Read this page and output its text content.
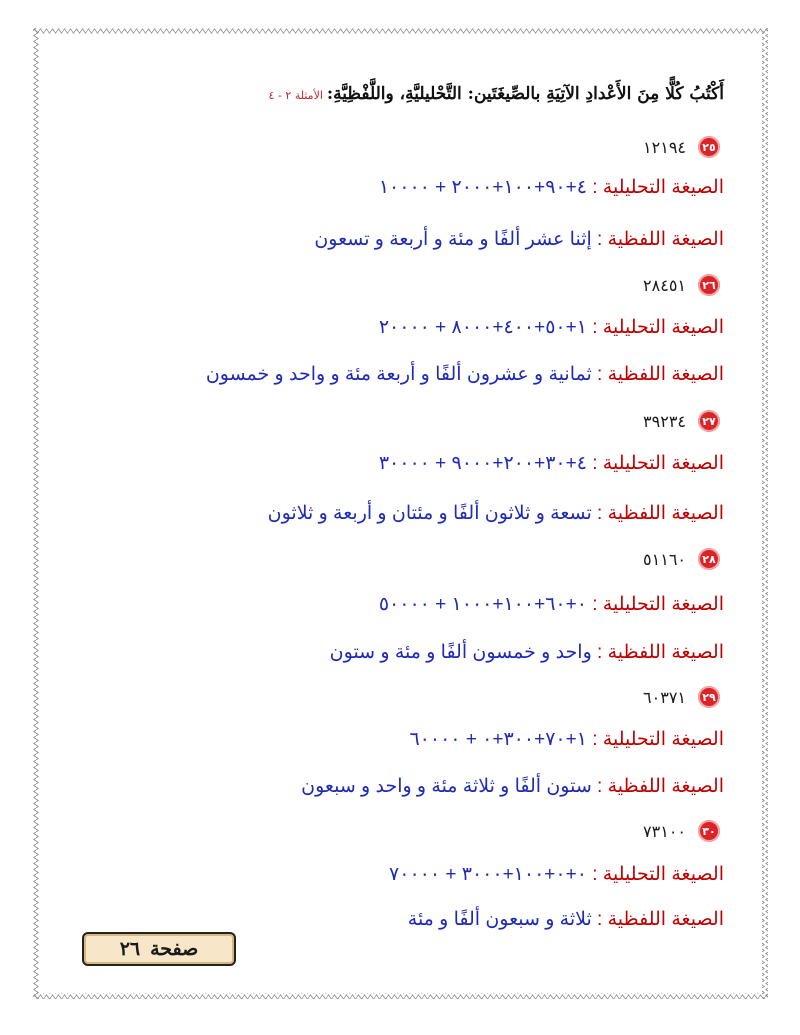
أَكْتُبُ كُلًّا مِنَ الأَعْدادِ الآتِيَةِ بالصِّيغَتَين: التَّحْليليَّةِ، واللَّفْظِيَّةِ:الأمثلة ٢ - ٤
٢٥
١٢١٩٤
الصيغة التحليلية : ٤+٩٠+١٠٠+٢٠٠٠ + ١٠٠٠٠
الصيغة اللفظية : إثنا عشر ألفًا و مئة و أربعة و تسعون
٢٦
٢٨٤٥١
الصيغة التحليلية : ١+٥٠+٤٠٠+٨٠٠٠ + ٢٠٠٠٠
الصيغة اللفظية : ثمانية و عشرون ألفًا و أربعة مئة و واحد و خمسون
٢٧
٣٩٢٣٤
الصيغة التحليلية : ٤+٣٠+٢٠٠+٩٠٠٠ + ٣٠٠٠٠
الصيغة اللفظية : تسعة و ثلاثون ألفًا و مئتان و أربعة و ثلاثون
٢٨
٥١١٦٠
الصيغة التحليلية : ٠+٦٠+١٠٠+١٠٠٠ + ٥٠٠٠٠
الصيغة اللفظية : واحد و خمسون ألفًا و مئة و ستون
٢٩
٦٠٣٧١
الصيغة التحليلية : ١+٧٠+٣٠٠+٠ + ٦٠٠٠٠
الصيغة اللفظية : ستون ألفًا و ثلاثة مئة و واحد و سبعون
٣٠
٧٣١٠٠
الصيغة التحليلية : ٠+٠+١٠٠+٣٠٠٠ + ٧٠٠٠٠
الصيغة اللفظية : ثلاثة و سبعون ألفًا و مئة
صفحة
٢٦
